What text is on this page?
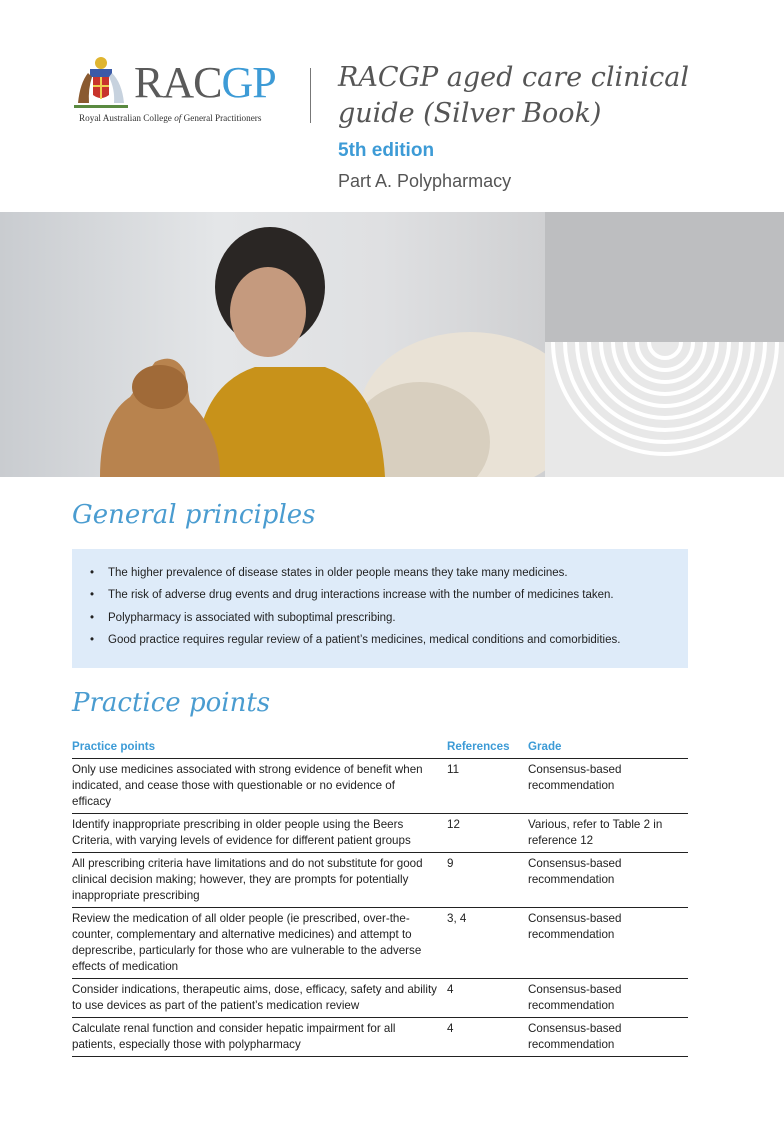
RACGP
Royal Australian College of General Practitioners
RACGP aged care clinical guide (Silver Book)
5th edition
Part A. Polypharmacy
General principles
• The higher prevalence of disease states in older people means they take many medicines.
• The risk of adverse drug events and drug interactions increase with the number of medicines taken.
• Polypharmacy is associated with suboptimal prescribing.
• Good practice requires regular review of a patient’s medicines, medical conditions and comorbidities.
Practice points
Practice points	References	Grade
Only use medicines associated with strong evidence of benefit when indicated, and cease those with questionable or no evidence of efficacy	11	Consensus-based recommendation
Identify inappropriate prescribing in older people using the Beers Criteria, with varying levels of evidence for different patient groups	12	Various, refer to Table 2 in reference 12
All prescribing criteria have limitations and do not substitute for good clinical decision making; however, they are prompts for potentially inappropriate prescribing	9	Consensus-based recommendation
Review the medication of all older people (ie prescribed, over-the-counter, complementary and alternative medicines) and attempt to deprescribe, particularly for those who are vulnerable to the adverse effects of medication	3, 4	Consensus-based recommendation
Consider indications, therapeutic aims, dose, efficacy, safety and ability to use devices as part of the patient’s medication review	4	Consensus-based recommendation
Calculate renal function and consider hepatic impairment for all patients, especially those with polypharmacy	4	Consensus-based recommendation
